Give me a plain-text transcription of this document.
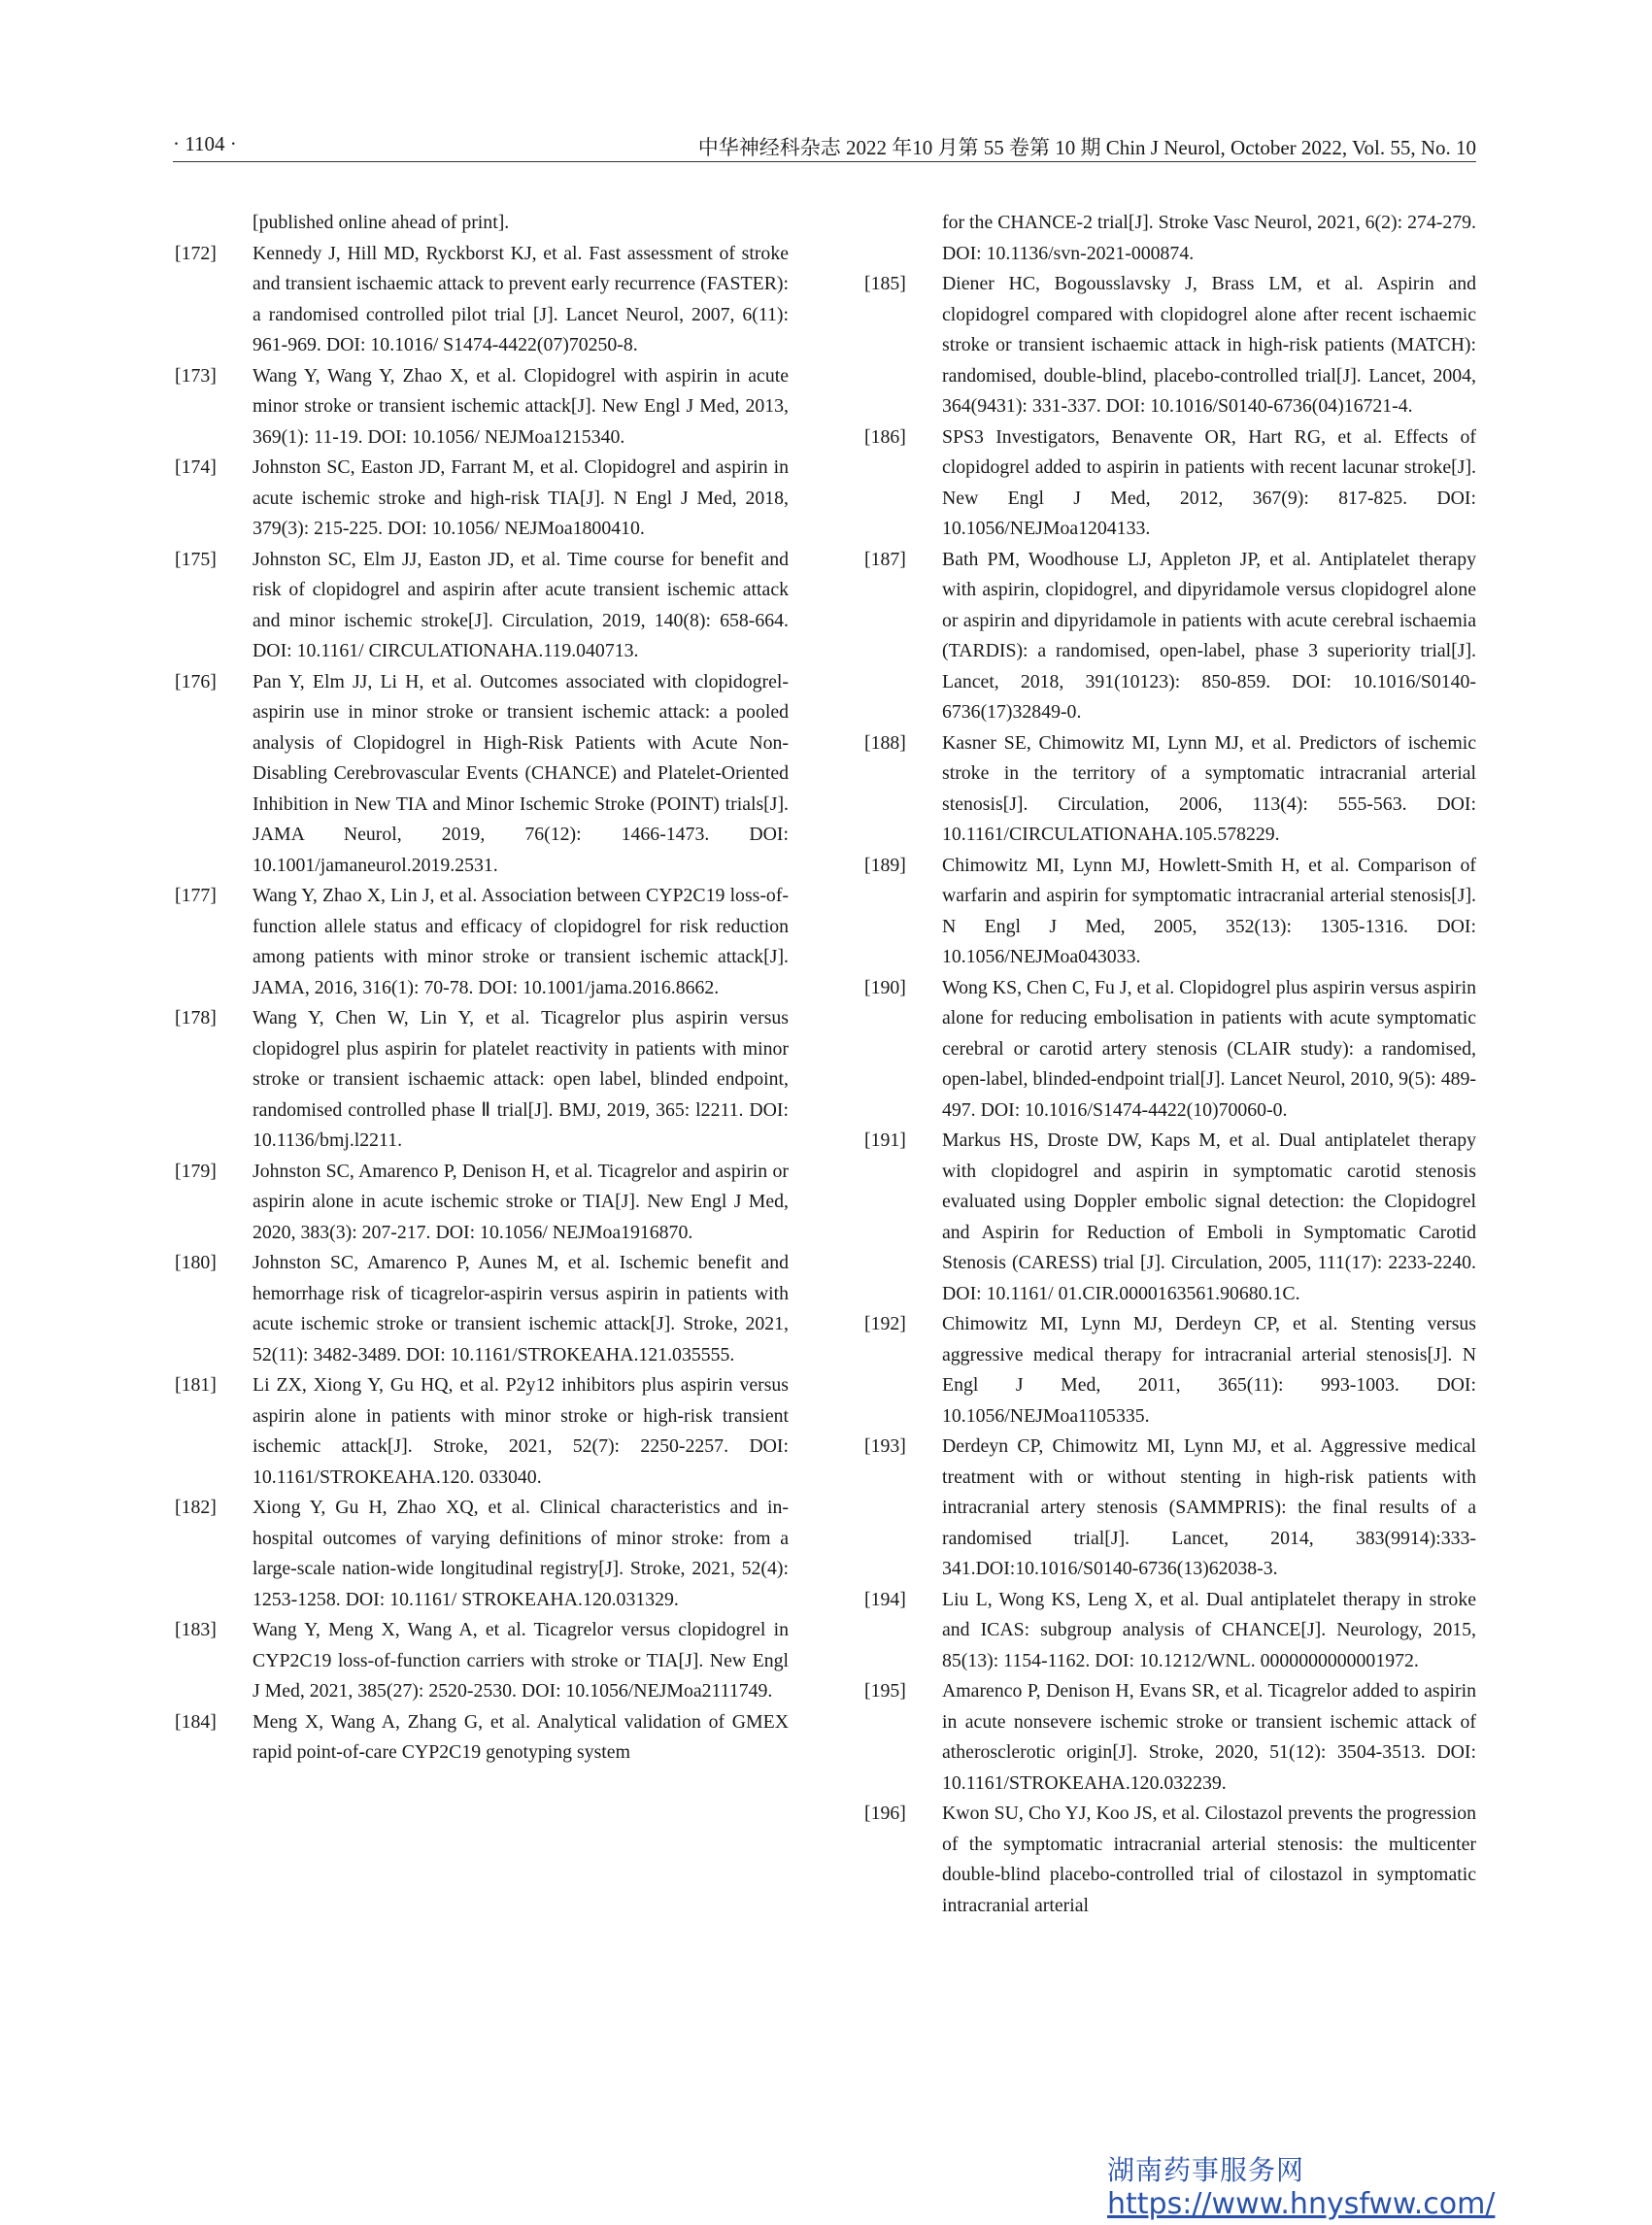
· 1104 ·	中华神经科杂志 2022 年10 月第 55 卷第 10 期 Chin J Neurol, October 2022, Vol. 55, No. 10
[published online ahead of print].
[172] Kennedy J, Hill MD, Ryckborst KJ, et al. Fast assessment of stroke and transient ischaemic attack to prevent early recurrence (FASTER): a randomised controlled pilot trial [J]. Lancet Neurol, 2007, 6(11): 961-969. DOI: 10.1016/ S1474-4422(07)70250-8.
[173] Wang Y, Wang Y, Zhao X, et al. Clopidogrel with aspirin in acute minor stroke or transient ischemic attack[J]. New Engl J Med, 2013, 369(1): 11-19. DOI: 10.1056/ NEJMoa1215340.
[174] Johnston SC, Easton JD, Farrant M, et al. Clopidogrel and aspirin in acute ischemic stroke and high-risk TIA[J]. N Engl J Med, 2018, 379(3): 215-225. DOI: 10.1056/ NEJMoa1800410.
[175] Johnston SC, Elm JJ, Easton JD, et al. Time course for benefit and risk of clopidogrel and aspirin after acute transient ischemic attack and minor ischemic stroke[J]. Circulation, 2019, 140(8): 658-664. DOI: 10.1161/ CIRCULATIONAHA.119.040713.
[176] Pan Y, Elm JJ, Li H, et al. Outcomes associated with clopidogrel-aspirin use in minor stroke or transient ischemic attack: a pooled analysis of Clopidogrel in High-Risk Patients with Acute Non-Disabling Cerebrovascular Events (CHANCE) and Platelet-Oriented Inhibition in New TIA and Minor Ischemic Stroke (POINT) trials[J]. JAMA Neurol, 2019, 76(12): 1466-1473. DOI: 10.1001/jamaneurol.2019.2531.
[177] Wang Y, Zhao X, Lin J, et al. Association between CYP2C19 loss-of-function allele status and efficacy of clopidogrel for risk reduction among patients with minor stroke or transient ischemic attack[J]. JAMA, 2016, 316(1): 70-78. DOI: 10.1001/jama.2016.8662.
[178] Wang Y, Chen W, Lin Y, et al. Ticagrelor plus aspirin versus clopidogrel plus aspirin for platelet reactivity in patients with minor stroke or transient ischaemic attack: open label, blinded endpoint, randomised controlled phase Ⅱ trial[J]. BMJ, 2019, 365: l2211. DOI: 10.1136/bmj.l2211.
[179] Johnston SC, Amarenco P, Denison H, et al. Ticagrelor and aspirin or aspirin alone in acute ischemic stroke or TIA[J]. New Engl J Med, 2020, 383(3): 207-217. DOI: 10.1056/ NEJMoa1916870.
[180] Johnston SC, Amarenco P, Aunes M, et al. Ischemic benefit and hemorrhage risk of ticagrelor-aspirin versus aspirin in patients with acute ischemic stroke or transient ischemic attack[J]. Stroke, 2021, 52(11): 3482-3489. DOI: 10.1161/STROKEAHA.121.035555.
[181] Li ZX, Xiong Y, Gu HQ, et al. P2y12 inhibitors plus aspirin versus aspirin alone in patients with minor stroke or high-risk transient ischemic attack[J]. Stroke, 2021, 52(7): 2250-2257. DOI: 10.1161/STROKEAHA.120. 033040.
[182] Xiong Y, Gu H, Zhao XQ, et al. Clinical characteristics and in-hospital outcomes of varying definitions of minor stroke: from a large-scale nation-wide longitudinal registry[J]. Stroke, 2021, 52(4): 1253-1258. DOI: 10.1161/ STROKEAHA.120.031329.
[183] Wang Y, Meng X, Wang A, et al. Ticagrelor versus clopidogrel in CYP2C19 loss-of-function carriers with stroke or TIA[J]. New Engl J Med, 2021, 385(27): 2520-2530. DOI: 10.1056/NEJMoa2111749.
[184] Meng X, Wang A, Zhang G, et al. Analytical validation of GMEX rapid point-of-care CYP2C19 genotyping system
for the CHANCE-2 trial[J]. Stroke Vasc Neurol, 2021, 6(2): 274-279. DOI: 10.1136/svn-2021-000874.
[185] Diener HC, Bogousslavsky J, Brass LM, et al. Aspirin and clopidogrel compared with clopidogrel alone after recent ischaemic stroke or transient ischaemic attack in high-risk patients (MATCH): randomised, double-blind, placebo-controlled trial[J]. Lancet, 2004, 364(9431): 331-337. DOI: 10.1016/S0140-6736(04)16721-4.
[186] SPS3 Investigators, Benavente OR, Hart RG, et al. Effects of clopidogrel added to aspirin in patients with recent lacunar stroke[J]. New Engl J Med, 2012, 367(9): 817-825. DOI: 10.1056/NEJMoa1204133.
[187] Bath PM, Woodhouse LJ, Appleton JP, et al. Antiplatelet therapy with aspirin, clopidogrel, and dipyridamole versus clopidogrel alone or aspirin and dipyridamole in patients with acute cerebral ischaemia (TARDIS): a randomised, open-label, phase 3 superiority trial[J]. Lancet, 2018, 391(10123): 850-859. DOI: 10.1016/S0140- 6736(17)32849-0.
[188] Kasner SE, Chimowitz MI, Lynn MJ, et al. Predictors of ischemic stroke in the territory of a symptomatic intracranial arterial stenosis[J]. Circulation, 2006, 113(4): 555-563. DOI: 10.1161/CIRCULATIONAHA.105.578229.
[189] Chimowitz MI, Lynn MJ, Howlett-Smith H, et al. Comparison of warfarin and aspirin for symptomatic intracranial arterial stenosis[J]. N Engl J Med, 2005, 352(13): 1305-1316. DOI: 10.1056/NEJMoa043033.
[190] Wong KS, Chen C, Fu J, et al. Clopidogrel plus aspirin versus aspirin alone for reducing embolisation in patients with acute symptomatic cerebral or carotid artery stenosis (CLAIR study): a randomised, open-label, blinded-endpoint trial[J]. Lancet Neurol, 2010, 9(5): 489-497. DOI: 10.1016/S1474-4422(10)70060-0.
[191] Markus HS, Droste DW, Kaps M, et al. Dual antiplatelet therapy with clopidogrel and aspirin in symptomatic carotid stenosis evaluated using Doppler embolic signal detection: the Clopidogrel and Aspirin for Reduction of Emboli in Symptomatic Carotid Stenosis (CARESS) trial [J]. Circulation, 2005, 111(17): 2233-2240. DOI: 10.1161/ 01.CIR.0000163561.90680.1C.
[192] Chimowitz MI, Lynn MJ, Derdeyn CP, et al. Stenting versus aggressive medical therapy for intracranial arterial stenosis[J]. N Engl J Med, 2011, 365(11): 993-1003. DOI: 10.1056/NEJMoa1105335.
[193] Derdeyn CP, Chimowitz MI, Lynn MJ, et al. Aggressive medical treatment with or without stenting in high-risk patients with intracranial artery stenosis (SAMMPRIS): the final results of a randomised trial[J]. Lancet, 2014, 383(9914):333-341.DOI:10.1016/S0140-6736(13)62038-3.
[194] Liu L, Wong KS, Leng X, et al. Dual antiplatelet therapy in stroke and ICAS: subgroup analysis of CHANCE[J]. Neurology, 2015, 85(13): 1154-1162. DOI: 10.1212/WNL. 0000000000001972.
[195] Amarenco P, Denison H, Evans SR, et al. Ticagrelor added to aspirin in acute nonsevere ischemic stroke or transient ischemic attack of atherosclerotic origin[J]. Stroke, 2020, 51(12): 3504-3513. DOI: 10.1161/STROKEAHA.120.032239.
[196] Kwon SU, Cho YJ, Koo JS, et al. Cilostazol prevents the progression of the symptomatic intracranial arterial stenosis: the multicenter double-blind placebo-controlled trial of cilostazol in symptomatic intracranial arterial
湖南药事服务网
https://www.hnysfww.com/
